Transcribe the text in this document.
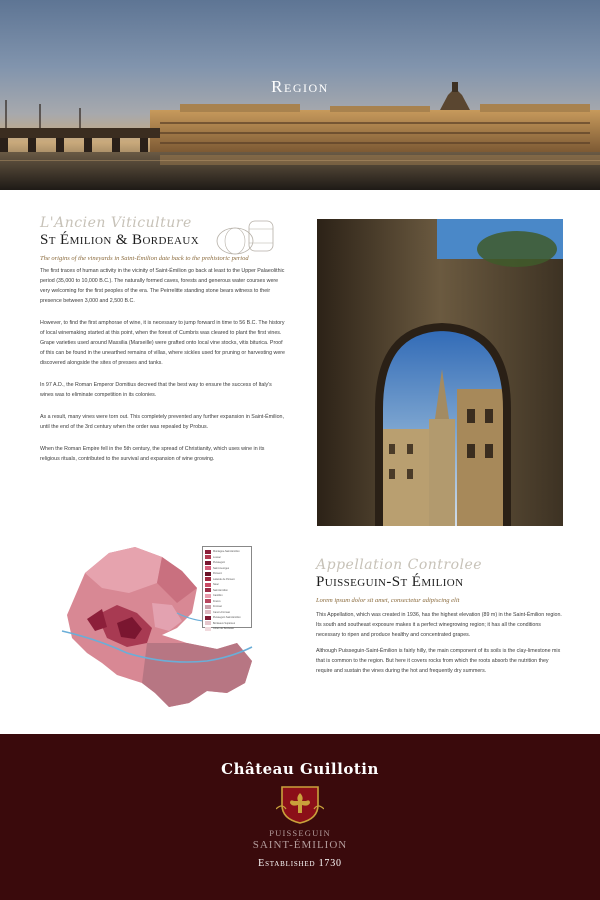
Region
L'Ancien Viticulture
St Émilion & Bordeaux
The origins of the vineyards in Saint-Émilion date back to the prehistoric period

The first traces of human activity in the vicinity of Saint-Émilion go back at least to the Upper Palaeolithic period (35,000 to 10,000 B.C.). The naturally formed caves, forests and generous water courses were very welcoming for the first peoples of the era. The Peirrelitte standing stone bears witness to their presence between 3,000 and 2,500 B.C.

However, to find the first amphorae of wine, it is necessary to jump forward in time to 56 B.C. The history of local winemaking started at this point, when the forest of Cumbris was cleared to plant the first vines. Grape varieties used around Massilia (Marseille) were grafted onto local vine stocks, vitis biturica. Proof of this can be found in the unearthed remains of villas, where sickles used for pruning or harvesting were discovered alongside the sites of presses and tanks.

In 97 A.D., the Roman Emperor Domitius decreed that the best way to ensure the success of Italy's wines was to eliminate competition in its colonies.

As a result, many vines were torn out. This completely prevented any further expansion in Saint-Émilion, until the end of the 3rd century when the order was repealed by Probus.

When the Roman Empire fell in the 5th century, the spread of Christianity, which uses wine in its religious rituals, contributed to the survival and expansion of wine growing.

Montagne-Saint-Emilion
Lussac
Puisseguin
Saint-Georges
Pomerol
Lalande de Pomerol
Néac
Saint-Emilion
Castillon
Francs
Fronsac
Canon-Fronsac
Puisseguin Saint-Emilion
Bordeaux Supérieur
Côtes de Bordeaux
Appellation Controlee
Puisseguin-St Émilion
Lorem ipsum dolor sit amet, consectetur adipiscing elit

This Appellation, which was created in 1936, has the highest elevation (89 m) in the Saint-Émilion region. Its south and southeast exposure makes it a perfect winegrowing region; it has all the conditions necessary to ripen and produce healthy and concentrated grapes.

Although Puisseguin-Saint-Émilion is fairly hilly, the main component of its soils is the clay-limestone mix that is common to the region. But here it covers rocks from which the roots absorb the nutrition they require and sustain the vines during the hot and frequently dry summers.

Château Guillotin
PUISSEGUIN
SAINT-ÉMILION
Established 1730
